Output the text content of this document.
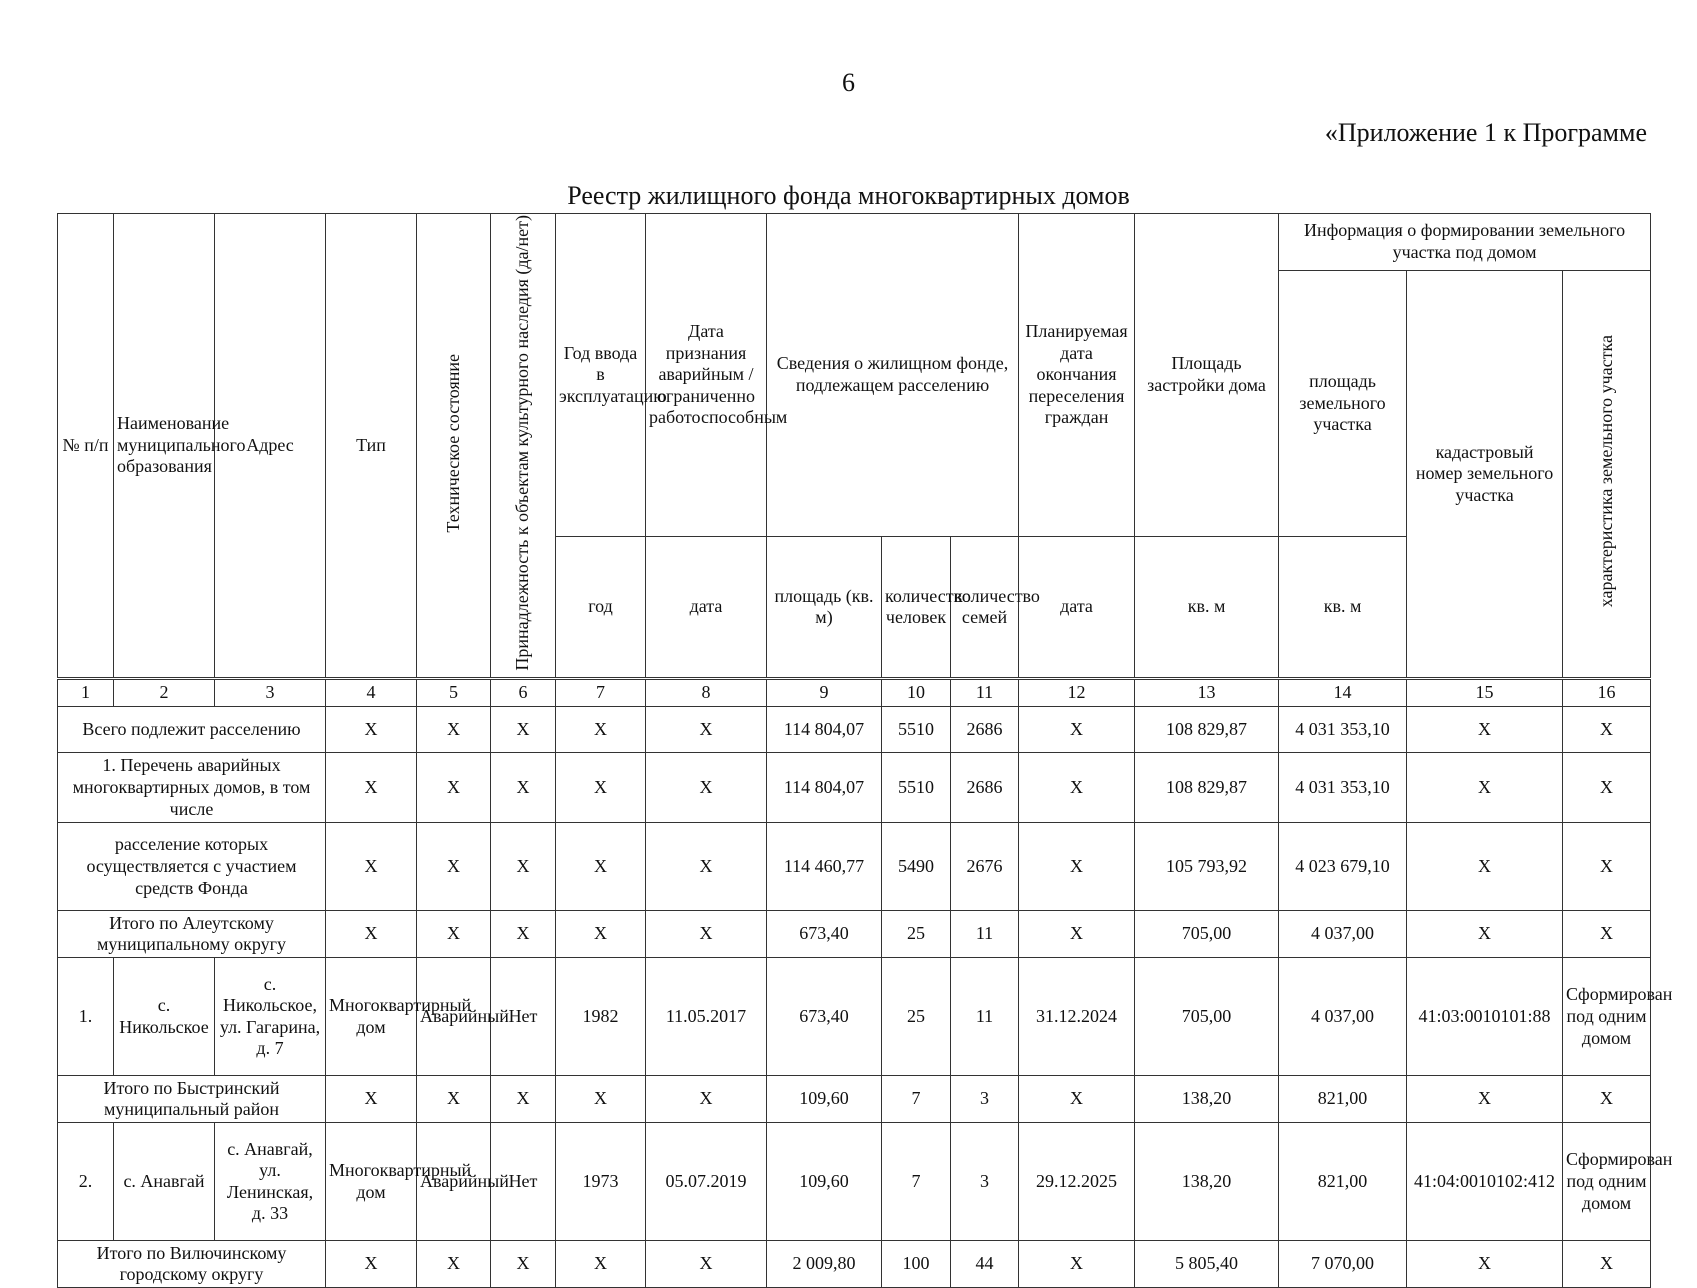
6
«Приложение 1 к Программе
Реестр жилищного фонда многоквартирных домов
№ п/п	Наименование муниципального образования	Адрес	Тип	Техническое состояние	Принадлежность к объектам культурного наследия (да/нет)	Год ввода в эксплуатацию	Дата признания аварийным /ограниченно работоспособным	Сведения о жилищном фонде, подлежащем расселению			Планируемая дата окончания переселения граждан	Площадь застройки дома	Информация о формировании земельного участка под домом		
													площадь земельного участка	кадастровый номер земельного участка	характеристика земельного участка
						год	дата	площадь (кв. м)	количество человек	количество семей	дата	кв. м	кв. м		
1	2	3	4	5	6	7	8	9	10	11	12	13	14	15	16
Всего подлежит расселению			X	X	X	X	X	114 804,07	5510	2686	X	108 829,87	4 031 353,10	X	X
1. Перечень аварийных многоквартирных домов, в том числе			X	X	X	X	X	114 804,07	5510	2686	X	108 829,87	4 031 353,10	X	X
расселение которых осуществляется с участием средств Фонда			X	X	X	X	X	114 460,77	5490	2676	X	105 793,92	4 023 679,10	X	X
Итого по Алеутскому муниципальному округу			X	X	X	X	X	673,40	25	11	X	705,00	4 037,00	X	X
1.	с. Никольское	с. Никольское, ул. Гагарина, д. 7	Многоквартирный дом	Аварийный	Нет	1982	11.05.2017	673,40	25	11	31.12.2024	705,00	4 037,00	41:03:0010101:88	Сформирован под одним домом
Итого по Быстринский муниципальный район			X	X	X	X	X	109,60	7	3	X	138,20	821,00	X	X
2.	с. Анавгай	с. Анавгай, ул. Ленинская, д. 33	Многоквартирный дом	Аварийный	Нет	1973	05.07.2019	109,60	7	3	29.12.2025	138,20	821,00	41:04:0010102:412	Сформирован под одним домом
Итого по Вилючинскому городскому округу			X	X	X	X	X	2 009,80	100	44	X	5 805,40	7 070,00	X	X
